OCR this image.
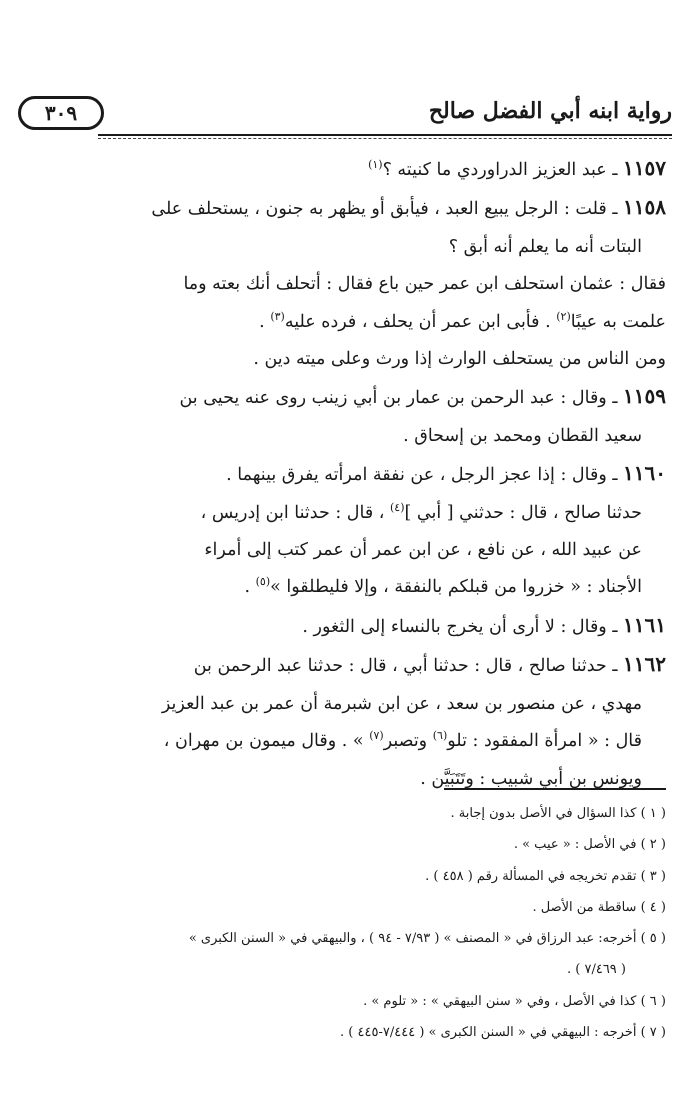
رواية ابنه أبي الفضل صالح
٣٠٩
١١٥٧ ـ عبد العزيز الدراوردي ما كنيته ؟$^{(١)}$
١١٥٨ ـ قلت : الرجل يبيع العبد ، فيأبق أو يظهر به جنون ، يستحلف على
البتات أنه ما يعلم أنه أبق ؟
فقال : عثمان استحلف ابن عمر حين باع فقال : أتحلف أنك بعته وما
علمت به عيبًا$^{(٢)}$ . فأبى ابن عمر أن يحلف ، فرده عليه$^{(٣)}$ .
ومن الناس من يستحلف الوارث إذا ورث وعلى ميته دين .
١١٥٩ ـ وقال : عبد الرحمن بن عمار بن أبي زينب روى عنه يحيى بن
سعيد القطان ومحمد بن إسحاق .
١١٦٠ ـ وقال : إذا عجز الرجل ، عن نفقة امرأته يفرق بينهما .
حدثنا صالح ، قال : حدثني [ أبي ]$^{(٤)}$ ، قال : حدثنا ابن إدريس ،
عن عبيد الله ، عن نافع ، عن ابن عمر أن عمر كتب إلى أمراء
الأجناد : « خزروا من قبلكم بالنفقة ، وإلا فليطلقوا »$^{(٥)}$ .
١١٦١ ـ وقال : لا أرى أن يخرج بالنساء إلى الثغور .
١١٦٢ ـ حدثنا صالح ، قال : حدثنا أبي ، قال : حدثنا عبد الرحمن بن
مهدي ، عن منصور بن سعد ، عن ابن شبرمة أن عمر بن عبد العزيز
قال : « امرأة المفقود : تلو$^{(٦)}$ وتصبر$^{(٧)}$ » . وقال ميمون بن مهران ،
ويونس بن أبي شبيب : وتَتَبَيَّن .
( ١ ) كذا السؤال في الأصل بدون إجابة .
( ٢ ) في الأصل : « عيب » .
( ٣ ) تقدم تخريجه في المسألة رقم ( ٤٥٨ ) .
( ٤ ) ساقطة من الأصل .
( ٥ ) أخرجه: عبد الرزاق في « المصنف » ( ٧/٩٣ - ٩٤ ) ، والبيهقي في « السنن الكبرى »
( ٧/٤٦٩ ) .
( ٦ ) كذا في الأصل ، وفي « سنن البيهقي » : « تلوم » .
( ٧ ) أخرجه : البيهقي في « السنن الكبرى » ( ٧/٤٤٤-٤٤٥ ) .
